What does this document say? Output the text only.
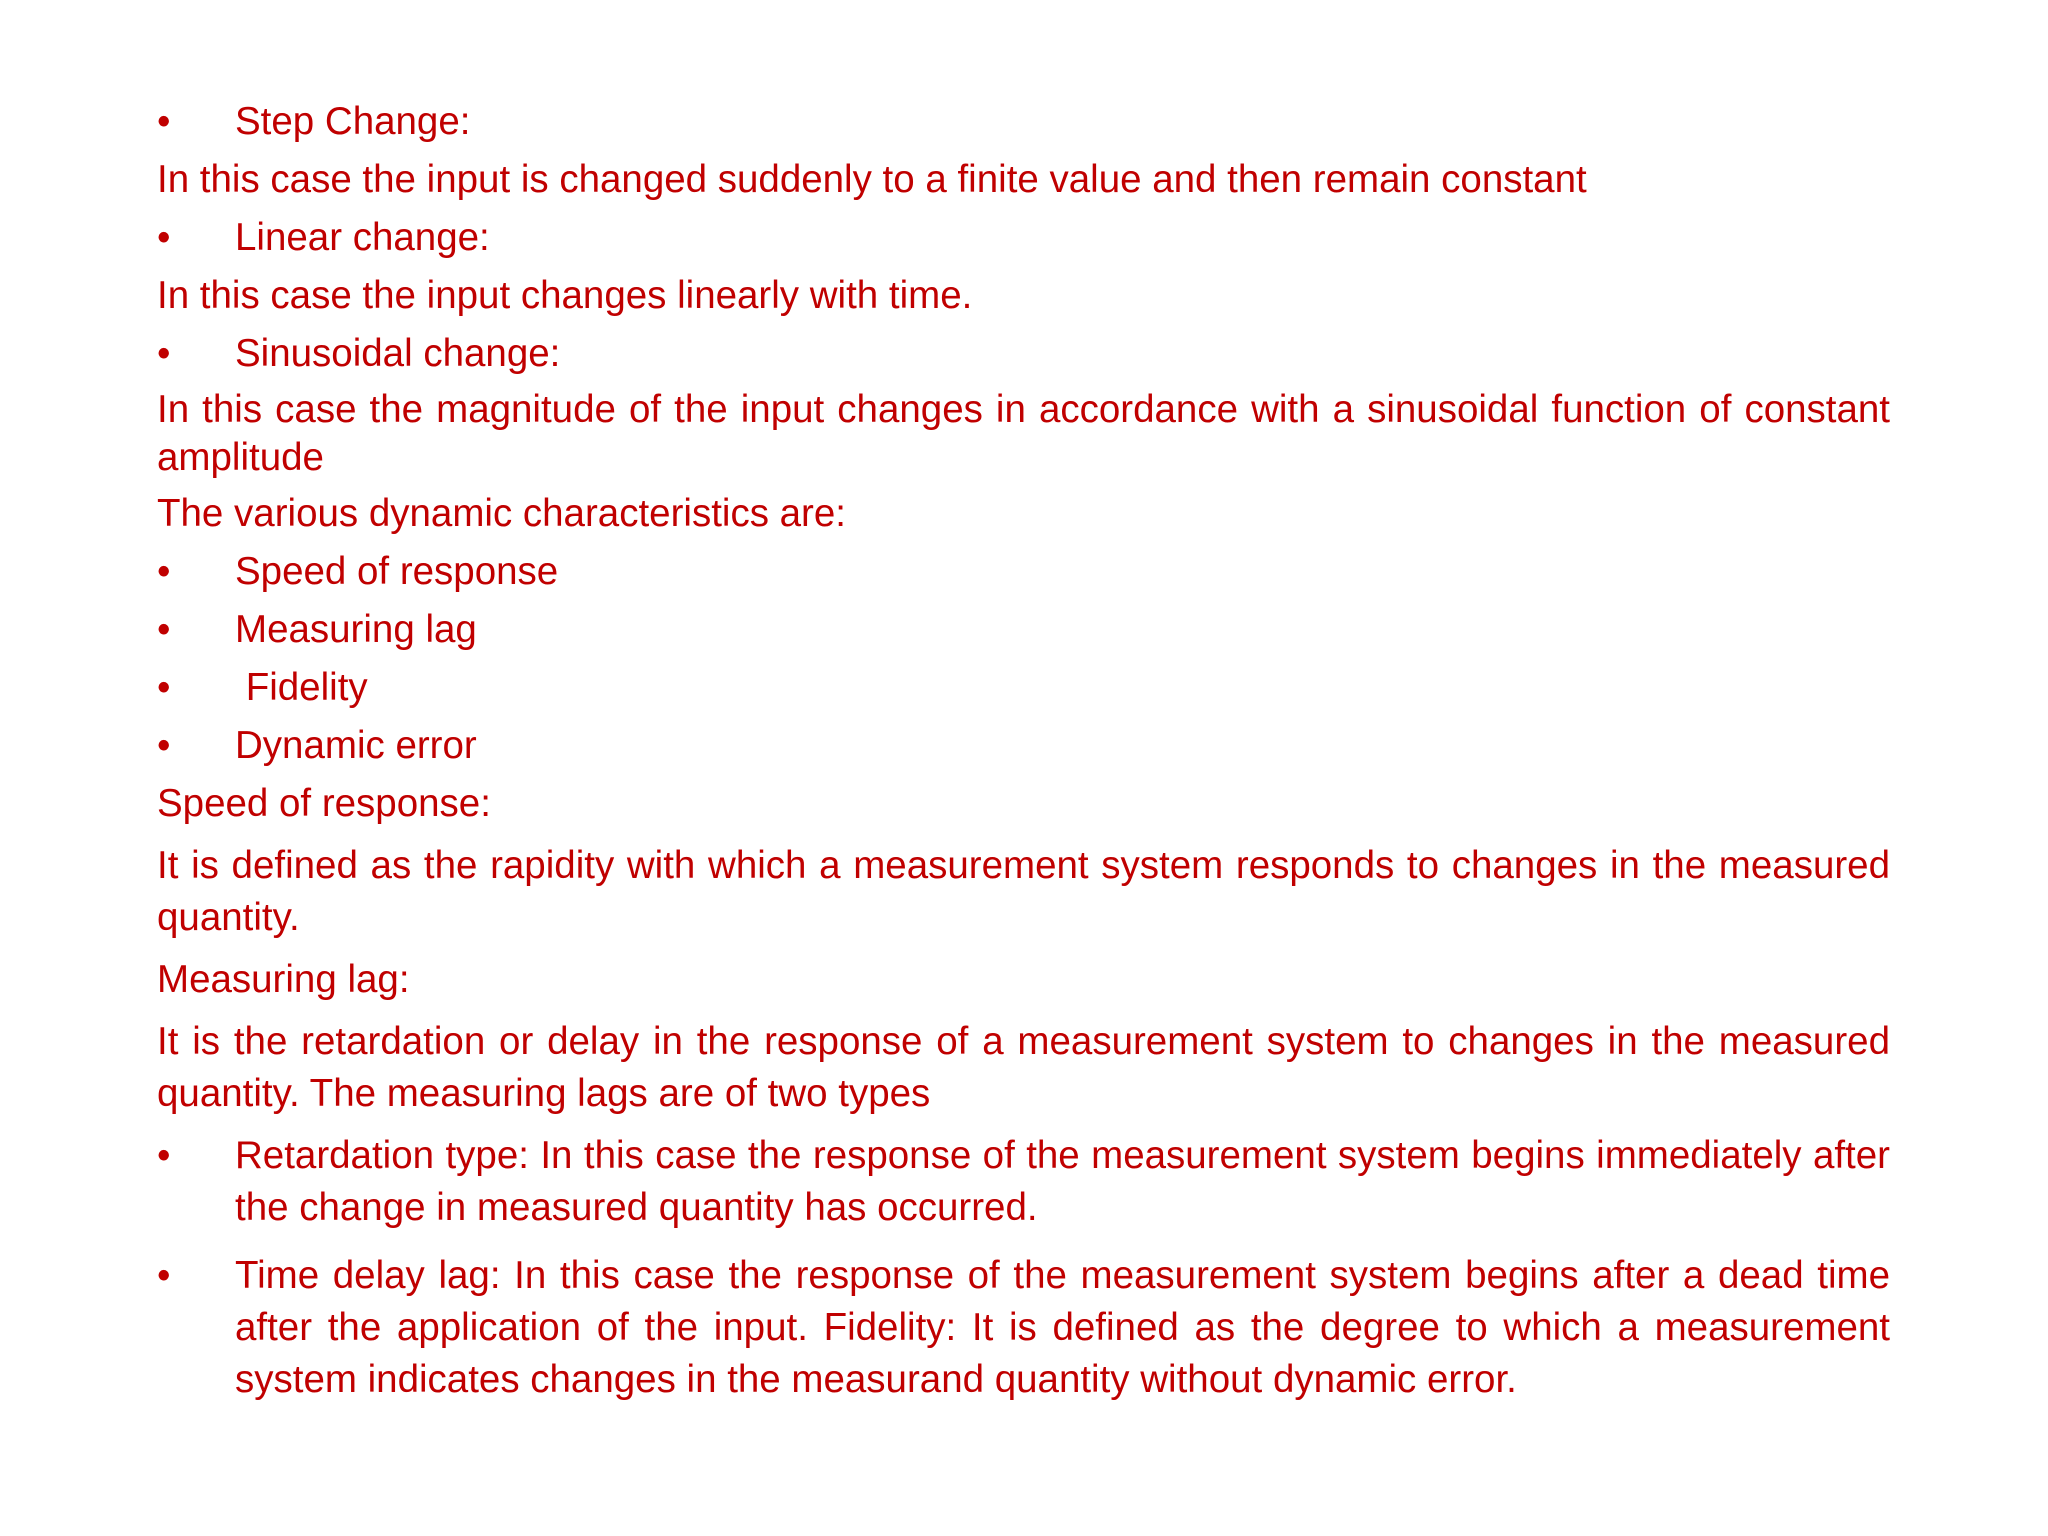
•	Step Change:

In this case the input is changed suddenly to a finite value and then remain constant

•	Linear change:

In this case the input changes linearly with time.

•	Sinusoidal change:

In this case the magnitude of the input changes in accordance with a sinusoidal function of constant amplitude

The various dynamic characteristics are:

•	Speed of response
•	Measuring lag
•	Fidelity
•	Dynamic error

Speed of response:

It is defined as the rapidity with which a measurement system responds to changes in the measured quantity.

Measuring lag:

It is the retardation or delay in the response of a measurement system to changes in the measured quantity. The measuring lags are of two types

•	Retardation type: In this case the response of the measurement system begins immediately after the change in measured quantity has occurred.
•	Time delay lag: In this case the response of the measurement system begins after a dead time after the application of the input. Fidelity: It is defined as the degree to which a measurement system indicates changes in the measurand quantity without dynamic error.
